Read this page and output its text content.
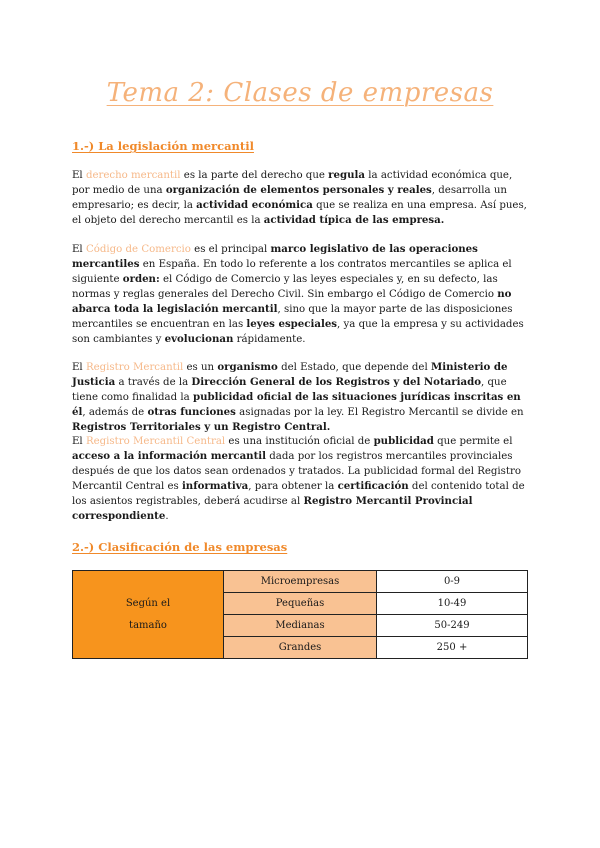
Tema 2: Clases de empresas
1.-) La legislación mercantil

El derecho mercantil es la parte del derecho que regula la actividad económica que, por medio de una organización de elementos personales y reales, desarrolla un empresario; es decir, la actividad económica que se realiza en una empresa. Así pues, el objeto del derecho mercantil es la actividad típica de las empresa.

El Código de Comercio es el principal marco legislativo de las operaciones mercantiles en España. En todo lo referente a los contratos mercantiles se aplica el siguiente orden: el Código de Comercio y las leyes especiales y, en su defecto, las normas y reglas generales del Derecho Civil. Sin embargo el Código de Comercio no abarca toda la legislación mercantil, sino que la mayor parte de las disposiciones mercantiles se encuentran en las leyes especiales, ya que la empresa y su actividades son cambiantes y evolucionan rápidamente.

El Registro Mercantil es un organismo del Estado, que depende del Ministerio de Justicia a través de la Dirección General de los Registros y del Notariado, que tiene como finalidad la publicidad oficial de las situaciones jurídicas inscritas en él, además de otras funciones asignadas por la ley. El Registro Mercantil se divide en Registros Territoriales y un Registro Central.

El Registro Mercantil Central es una institución oficial de publicidad que permite el acceso a la información mercantil dada por los registros mercantiles provinciales después de que los datos sean ordenados y tratados. La publicidad formal del Registro Mercantil Central es informativa, para obtener la certificación del contenido total de los asientos registrables, deberá acudirse al Registro Mercantil Provincial correspondiente.

2.-) Clasificación de las empresas
Según el tamaño	Microempresas	0-9
	Pequeñas	10-49
	Medianas	50-249
	Grandes	250 +
